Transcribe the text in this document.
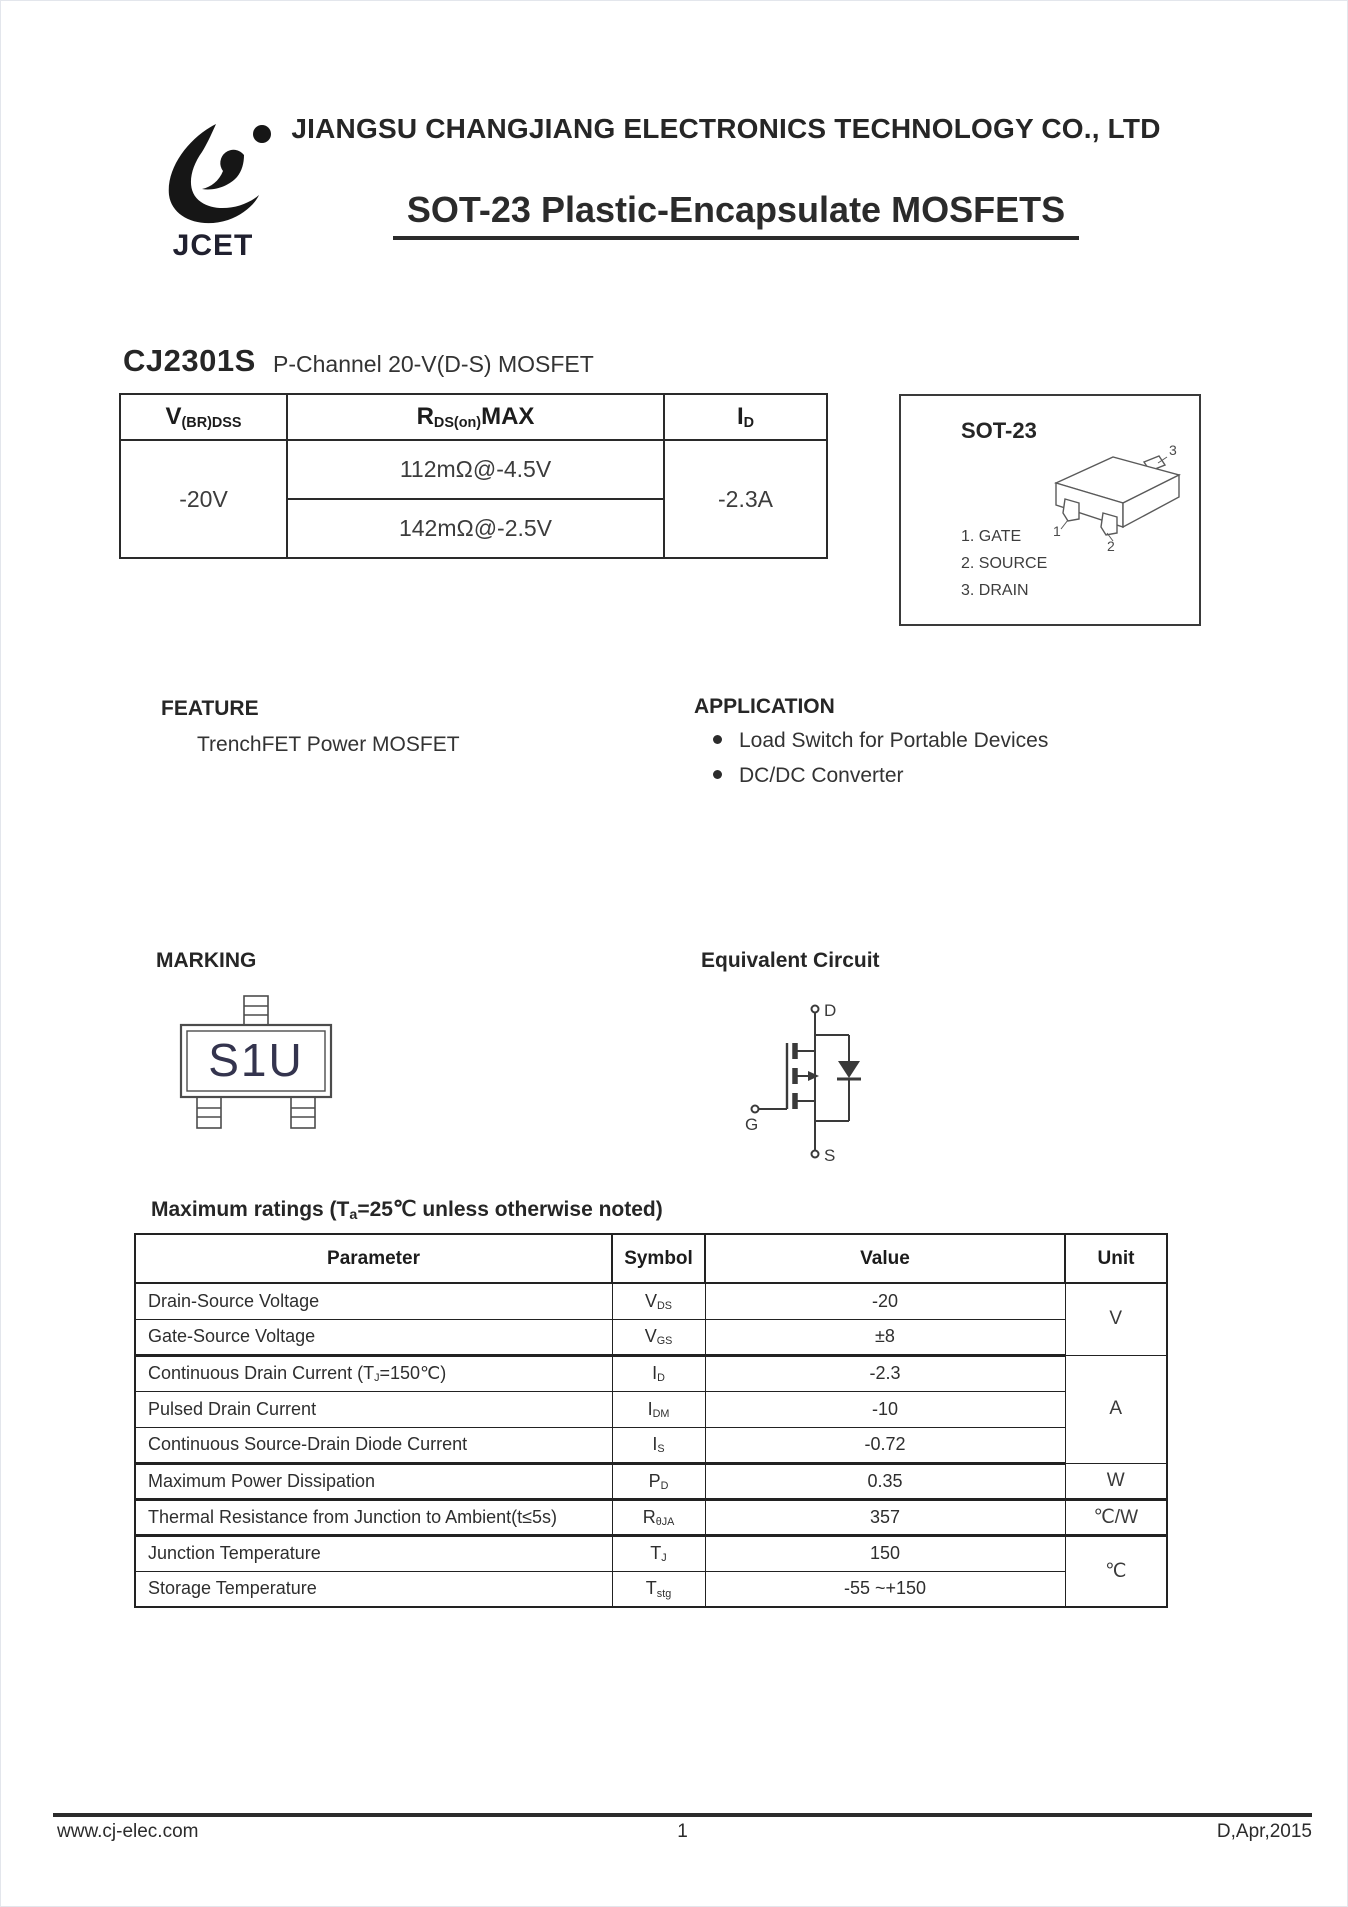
JCET
JIANGSU CHANGJIANG ELECTRONICS TECHNOLOGY CO., LTD
SOT-23 Plastic-Encapsulate MOSFETS
CJ2301S P-Channel 20-V(D-S) MOSFET
V(BR)DSS	RDS(on)MAX	ID
-20V	112mΩ@-4.5V	-2.3A
	142mΩ@-2.5V	
SOT-23
1. GATE
2. SOURCE
3. DRAIN
1
2
3
FEATURE
TrenchFET Power MOSFET
APPLICATION
Load Switch for Portable Devices
DC/DC Converter
MARKING
S1U
Equivalent Circuit
D
G
S
Maximum ratings (Ta=25℃ unless otherwise noted)
Parameter	Symbol	Value	Unit
Drain-Source Voltage	VDS	-20	V
Gate-Source Voltage	VGS	±8	
Continuous Drain Current (TJ=150℃)	ID	-2.3	A
Pulsed Drain Current	IDM	-10	
Continuous Source-Drain Diode Current	IS	-0.72	
Maximum Power Dissipation	PD	0.35	W
Thermal Resistance from Junction to Ambient(t≤5s)	RθJA	357	℃/W
Junction Temperature	TJ	150	℃
Storage Temperature	Tstg	-55 ~+150	
www.cj-elec.com	1	D,Apr,2015
